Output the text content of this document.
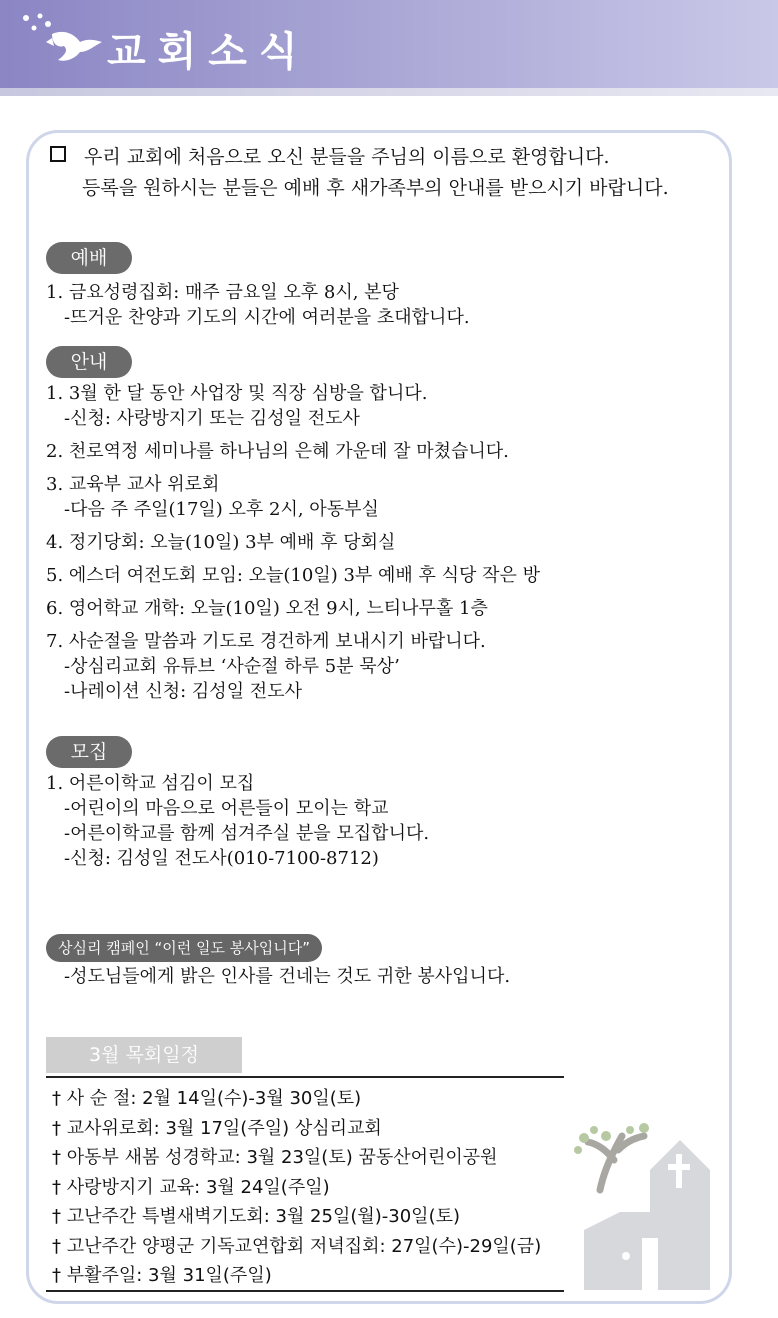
교회소식
우리 교회에 처음으로 오신 분들을 주님의 이름으로 환영합니다.
등록을 원하시는 분들은 예배 후 새가족부의 안내를 받으시기 바랍니다.
예배
1. 금요성령집회: 매주 금요일 오후 8시, 본당
-뜨거운 찬양과 기도의 시간에 여러분을 초대합니다.
안내
1. 3월 한 달 동안 사업장 및 직장 심방을 합니다.
-신청: 사랑방지기 또는 김성일 전도사
2. 천로역정 세미나를 하나님의 은혜 가운데 잘 마쳤습니다.
3. 교육부 교사 위로회
-다음 주 주일(17일) 오후 2시, 아동부실
4. 정기당회: 오늘(10일) 3부 예배 후 당회실
5. 에스더 여전도회 모임: 오늘(10일) 3부 예배 후 식당 작은 방
6. 영어학교 개학: 오늘(10일) 오전 9시, 느티나무홀 1층
7. 사순절을 말씀과 기도로 경건하게 보내시기 바랍니다.
-상심리교회 유튜브 ‘사순절 하루 5분 묵상’
-나레이션 신청: 김성일 전도사
모집
1. 어른이학교 섬김이 모집
-어린이의 마음으로 어른들이 모이는 학교
-어른이학교를 함께 섬겨주실 분을 모집합니다.
-신청: 김성일 전도사(010-7100-8712)
상심리 캠페인 “이런 일도 봉사입니다”
-성도님들에게 밝은 인사를 건네는 것도 귀한 봉사입니다.
3월 목회일정
† 사 순 절: 2월 14일(수)-3월 30일(토)
† 교사위로회: 3월 17일(주일) 상심리교회
† 아동부 새봄 성경학교: 3월 23일(토) 꿈동산어린이공원
† 사랑방지기 교육: 3월 24일(주일)
† 고난주간 특별새벽기도회: 3월 25일(월)-30일(토)
† 고난주간 양평군 기독교연합회 저녁집회: 27일(수)-29일(금)
† 부활주일: 3월 31일(주일)
